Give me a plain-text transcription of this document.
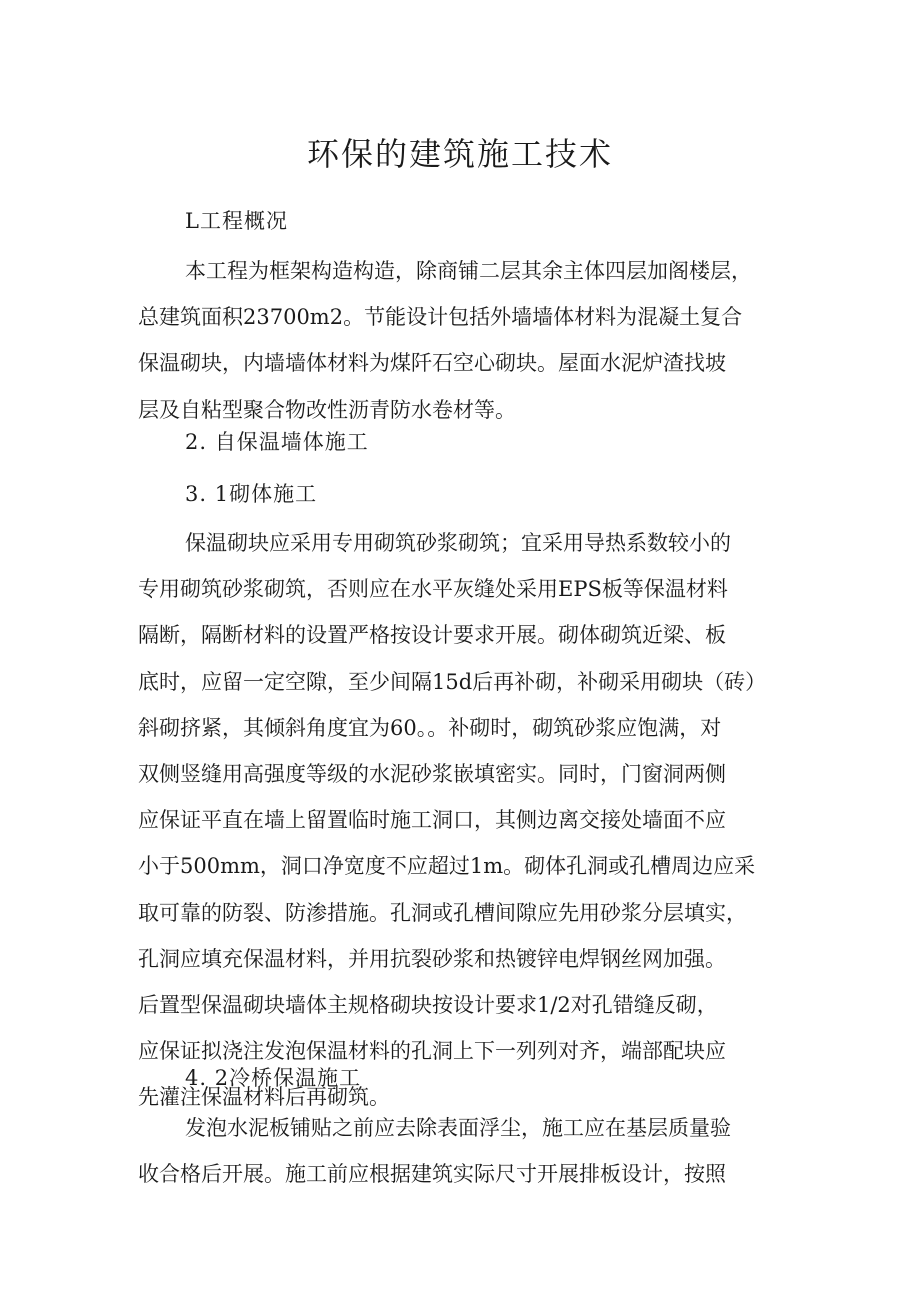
环保的建筑施工技术

L工程概况

本工程为框架构造构造，除商铺二层其余主体四层加阁楼层，
总建筑面积23700m2。节能设计包括外墙墙体材料为混凝土复合
保温砌块，内墙墙体材料为煤阡石空心砌块。屋面水泥炉渣找坡
层及自粘型聚合物改性沥青防水卷材等。

2. 自保温墙体施工

3. 1砌体施工

保温砌块应采用专用砌筑砂浆砌筑；宜采用导热系数较小的
专用砌筑砂浆砌筑，否则应在水平灰缝处采用EPS板等保温材料
隔断，隔断材料的设置严格按设计要求开展。砌体砌筑近梁、板
底时，应留一定空隙，至少间隔15d后再补砌，补砌采用砌块（砖）
斜砌挤紧，其倾斜角度宜为60。。补砌时，砌筑砂浆应饱满，对
双侧竖缝用高强度等级的水泥砂浆嵌填密实。同时，门窗洞两侧
应保证平直在墙上留置临时施工洞口，其侧边离交接处墙面不应
小于500mm，洞口净宽度不应超过1m。砌体孔洞或孔槽周边应采
取可靠的防裂、防渗措施。孔洞或孔槽间隙应先用砂浆分层填实，
孔洞应填充保温材料，并用抗裂砂浆和热镀锌电焊钢丝网加强。
后置型保温砌块墙体主规格砌块按设计要求1/2对孔错缝反砌，
应保证拟浇注发泡保温材料的孔洞上下一列列对齐，端部配块应
先灌注保温材料后再砌筑。

4. 2冷桥保温施工

发泡水泥板铺贴之前应去除表面浮尘，施工应在基层质量验
收合格后开展。施工前应根据建筑实际尺寸开展排板设计，按照
